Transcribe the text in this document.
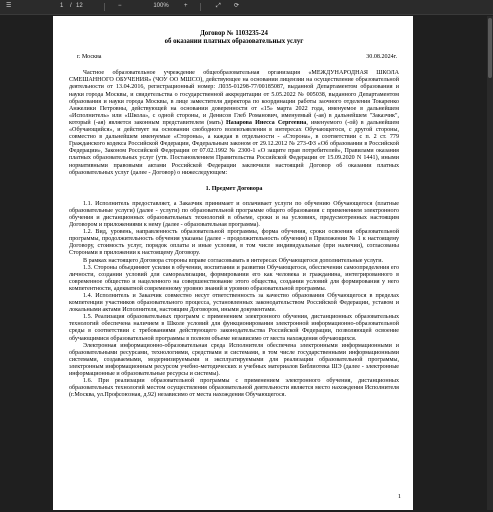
☰	1 / 12	−	100%	+	⤢ ⟳
Договор № 1103235-24
об оказании платных образовательных услуг
г. Москва	30.08.2024г.

Частное образовательное учреждение общеобразовательная организация «МЕЖДУНАРОДНАЯ ШКОЛА СМЕШАННОГО ОБУЧЕНИЯ» (ЧОУ ОО МШСО), действующее на основании лицензии на осуществление образовательной деятельности от 13.04.2016, регистрационный номер: Л035-01298-77/00185087, выданной Департаментом образования и науки города Москвы, и свидетельства о государственной аккредитации от 5.05.2022 № 005038, выданного Департаментом образования и науки города Москвы, в лице заместителя директора по координации работы заочного отделения Токаренко Анжелики Петровны, действующей на основании доверенности от «15» марта 2022 года, именуемое в дальнейшем «Исполнитель» или «Школа», с одной стороны, и Денисов Глеб Романович, именуемый (-ая) в дальнейшем "Заказчик", который (-ая) является законным представителем (мать) Назарова Инесса Сергеевна, именуемого (-ой) в дальнейшем «Обучающийся», и действует на основании свободного волеизъявления в интересах Обучающегося, с другой стороны, совместно в дальнейшем именуемые «Стороны», а каждая в отдельности - «Сторона», в соответствии с п. 2 ст. 779 Гражданского кодекса Российской Федерации, Федеральным законом от 29.12.2012 № 273-ФЗ «Об образовании в Российской Федерации», Законом Российской Федерации от 07.02.1992 № 2300-1 «О защите прав потребителей», Правилами оказания платных образовательных услуг (утв. Постановлением Правительства Российской Федерации от 15.09.2020 N 1441), иными нормативными правовыми актами Российской Федерации заключили настоящий Договор об оказании платных образовательных услуг (далее - Договор) о нижеследующем:

1. Предмет Договора

1.1. Исполнитель предоставляет, а Заказчик принимает и оплачивает услуги по обучению Обучающегося (платные образовательные услуги) (далее - услуги) по образовательной программе общего образования с применением электронного обучения и дистанционных образовательных технологий в объеме, сроки и на условиях, предусмотренных настоящим Договором и приложениями к нему (далее - образовательная программа).

1.2. Вид, уровень, направленность образовательной программы, форма обучения, сроки освоения образовательной программы, продолжительность обучения указаны (далее - продолжительность обучения) в Приложении № 1 к настоящему Договору, стоимость услуг, порядок оплаты и иные условия, в том числе индивидуальные (при наличии), согласованы Сторонами в приложении к настоящему Договору.

В рамках настоящего Договора стороны вправе согласовывать в интересах Обучающегося дополнительные услуги.

1.3. Стороны объединяют усилия в обучении, воспитании и развитии Обучающегося, обеспечении самоопределения его личности, создании условий для самореализации, формировании его как человека и гражданина, интегрированного в современное общество и нацеленного на совершенствование этого общества, создании условий для формирования у него компетентности, адекватной современному уровню знаний и уровню образовательной программы.

1.4. Исполнитель и Заказчик совместно несут ответственность за качество образования Обучающегося в пределах компетенции участников образовательного процесса, установленных законодательством Российской Федерации, уставом и локальными актами Исполнителя, настоящим Договором, иными документами.

1.5. Реализация образовательных программ с применением электронного обучения, дистанционных образовательных технологий обеспечена наличием в Школе условий для функционирования электронной информационно-образовательной среды в соответствии с требованиями действующего законодательства Российской Федерации, позволяющей освоение обучающимися образовательной программы в полном объеме независимо от места нахождения обучающихся.

Электронная информационно-образовательная среда Исполнителя обеспечена электронными информационными и образовательными ресурсами, технологиями, средствами и системами, в том числе государственными информационными системами, создаваемыми, модернизируемыми и эксплуатируемыми для реализации образовательной программы, электронным информационным ресурсом учебно-методических и учебных материалов Библиотека ШЭ (далее - электронные информационные и образовательные ресурсы и системы).

1.6. При реализации образовательной программы с применением электронного обучения, дистанционных образовательных технологий местом осуществления образовательной деятельности является место нахождения Исполнителя (г.Москва, ул.Профсоюзная, д.92) независимо от места нахождения Обучающегося.

1
